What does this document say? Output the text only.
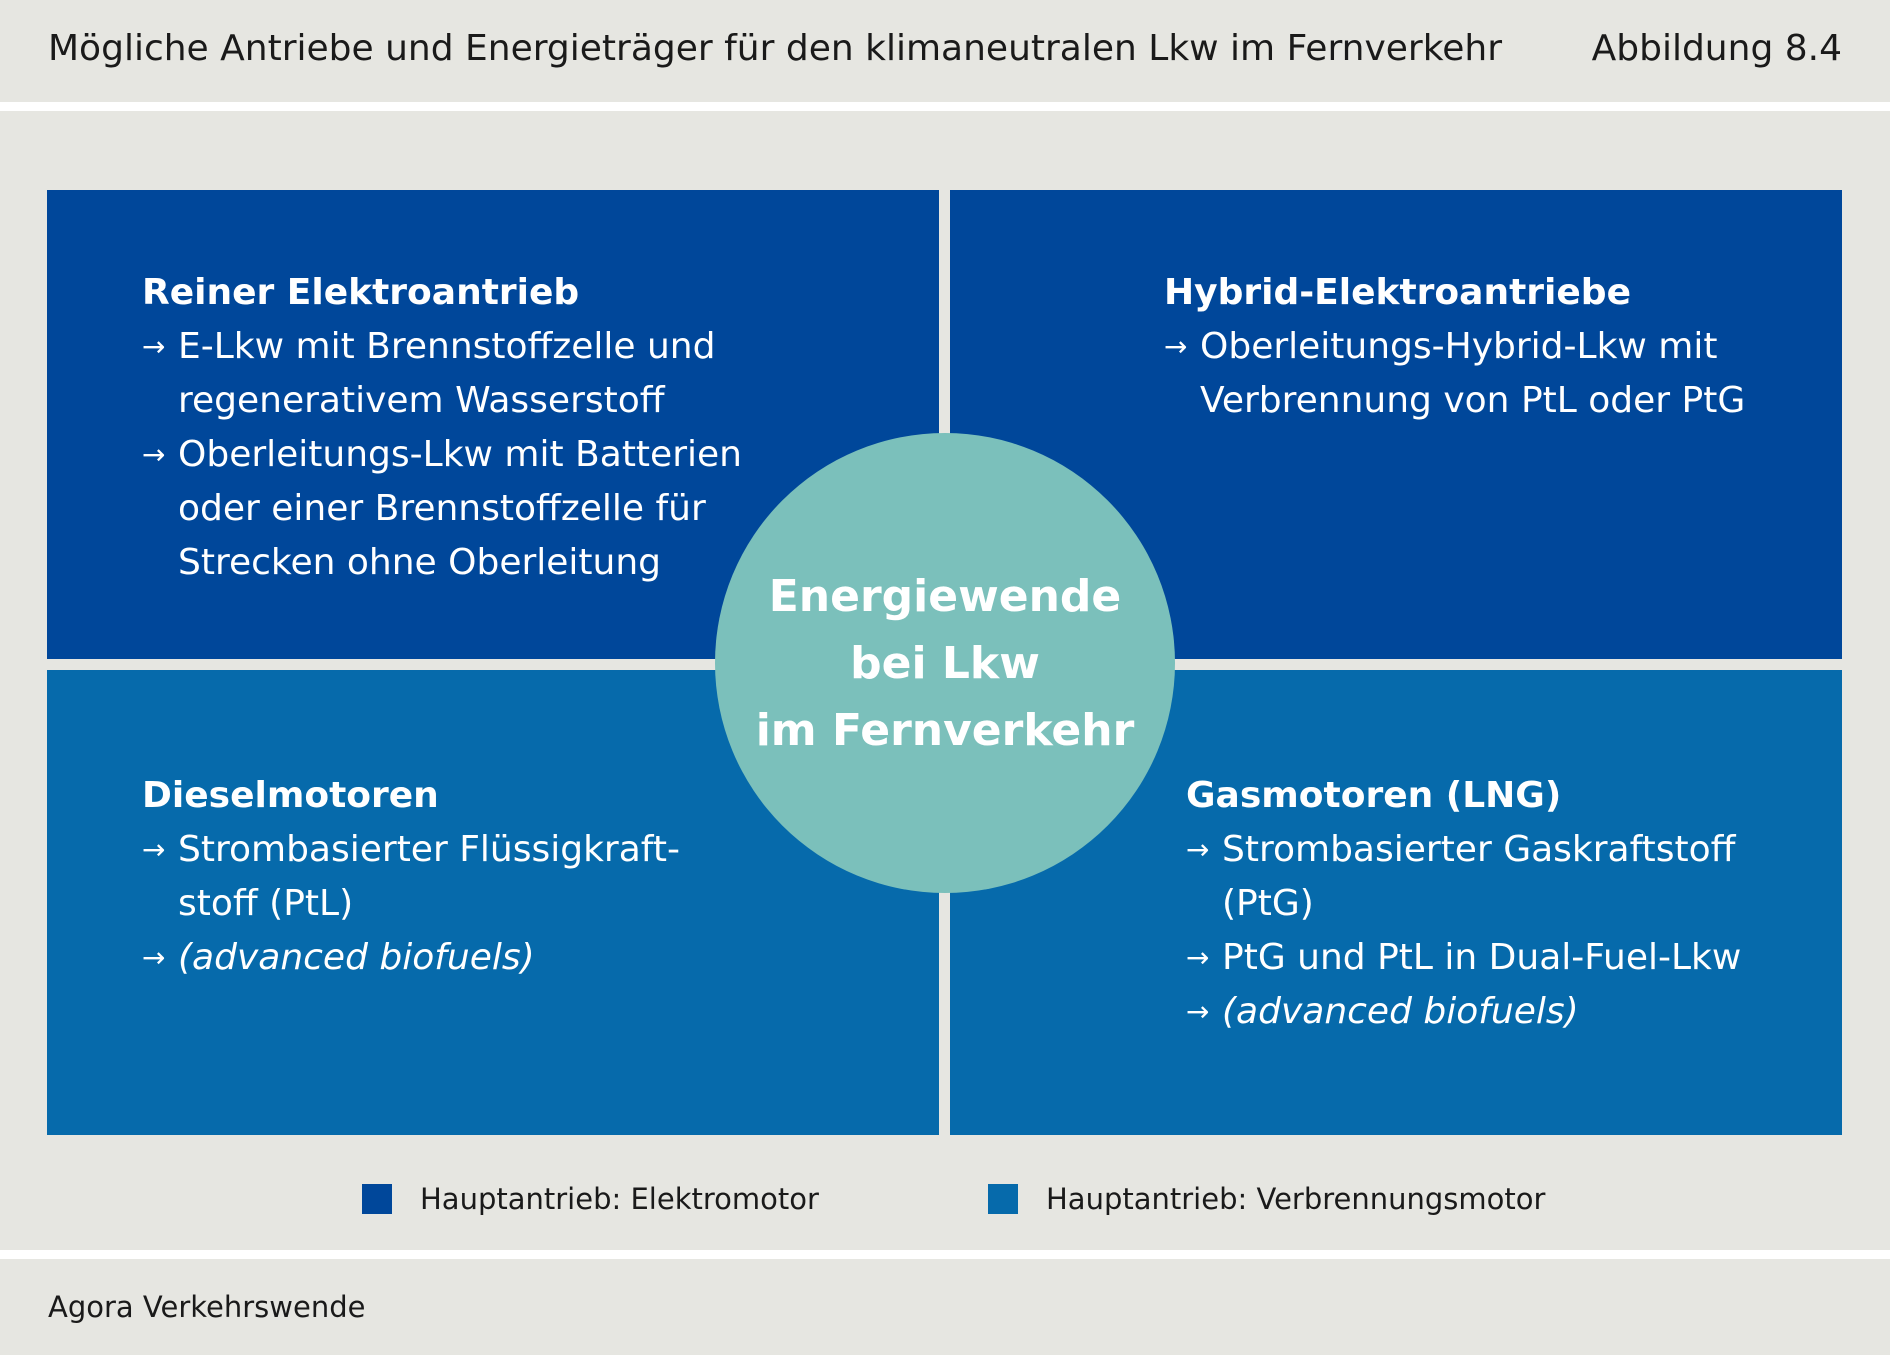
Mögliche Antriebe und Energieträger für den klimaneutralen Lkw im Fernverkehr Abbildung 8.4
Reiner Elektroantrieb
→ E-Lkw mit Brennstoffzelle und regenerativem Wasserstoff
→ Oberleitungs-Lkw mit Batterien oder einer Brennstoffzelle für Strecken ohne Oberleitung
Hybrid-Elektroantriebe
→ Oberleitungs-Hybrid-Lkw mit Verbrennung von PtL oder PtG
Dieselmotoren
→ Strombasierter Flüssigkraft-stoff (PtL)
→ (advanced biofuels)
Gasmotoren (LNG)
→ Strombasierter Gaskraftstoff (PtG)
→ PtG und PtL in Dual-Fuel-Lkw
→ (advanced biofuels)
Energiewende
bei Lkw
im Fernverkehr
Hauptantrieb: Elektromotor	Hauptantrieb: Verbrennungsmotor
Agora Verkehrswende
